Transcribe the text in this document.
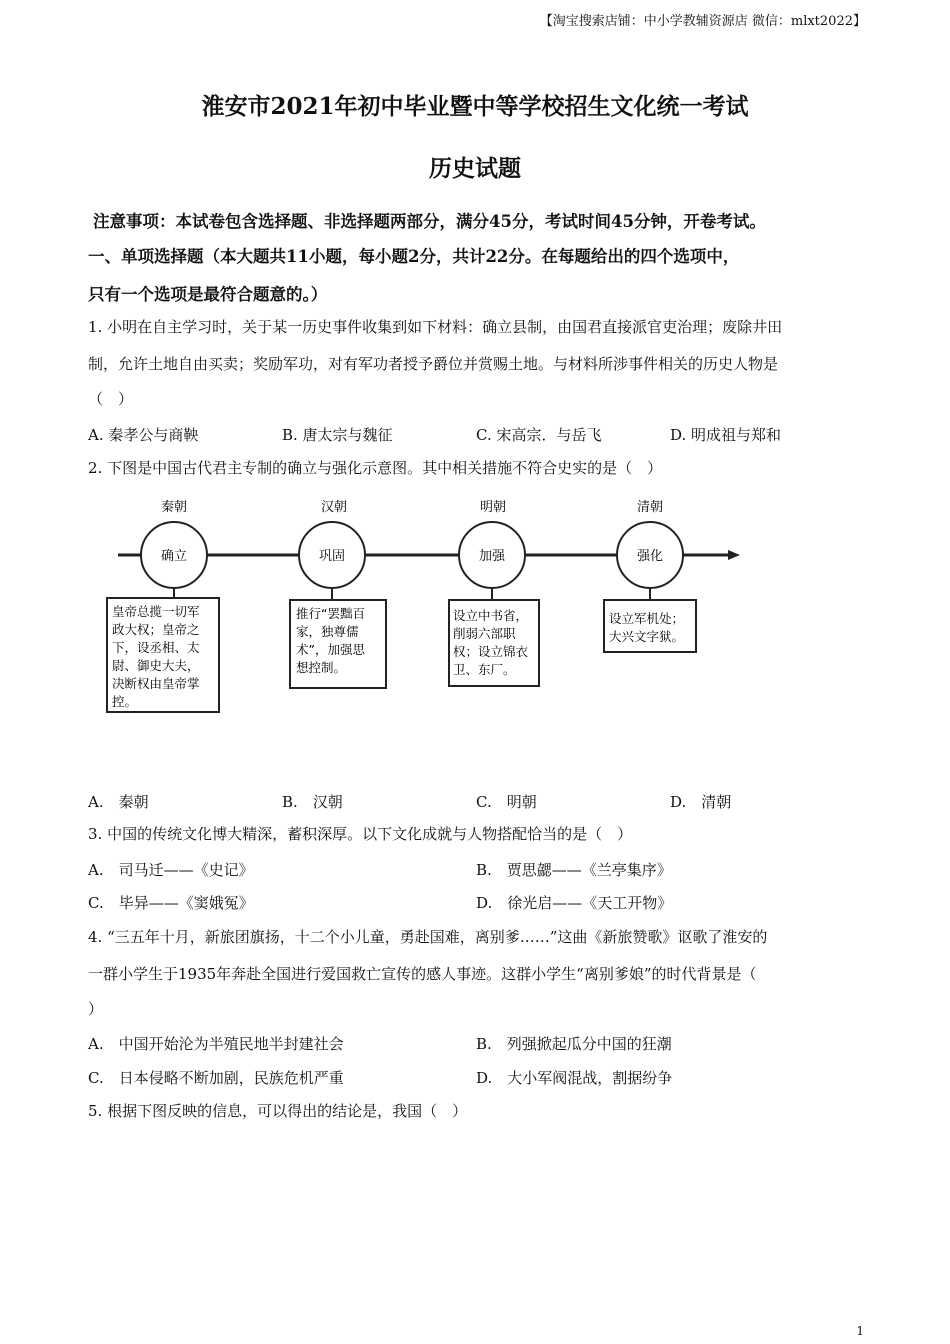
【淘宝搜索店铺：中小学教辅资源店 微信：mlxt2022】
淮安市2021年初中毕业暨中等学校招生文化统一考试
历史试题
注意事项：本试卷包含选择题、非选择题两部分，满分45分，考试时间45分钟，开卷考试。
一、单项选择题（本大题共11小题，每小题2分，共计22分。在每题给出的四个选项中，
只有一个选项是最符合题意的。）
1. 小明在自主学习时，关于某一历史事件收集到如下材料：确立县制，由国君直接派官吏治理；废除井田
制，允许土地自由买卖；奖励军功，对有军功者授予爵位并赏赐土地。与材料所涉事件相关的历史人物是
（　）
A. 秦孝公与商鞅	B. 唐太宗与魏征	C. 宋高宗．与岳飞	D. 明成祖与郑和
2. 下图是中国古代君主专制的确立与强化示意图。其中相关措施不符合史实的是（　）
秦朝	汉朝	明朝	清朝
确立	巩固	加强	强化
皇帝总揽一切军
政大权；皇帝之
下，设丞相、太
尉、御史大夫，
决断权由皇帝掌
控。
推行“罢黜百
家，独尊儒
术”，加强思
想控制。
设立中书省，
削弱六部职
权；设立锦衣
卫、东厂。
设立军机处；
大兴文字狱。
A.　秦朝	B.　汉朝	C.　明朝	D.　清朝
3. 中国的传统文化博大精深，蓄积深厚。以下文化成就与人物搭配恰当的是（　）
A.　司马迁——《史记》	B.　贾思勰——《兰亭集序》
C.　毕异——《窦娥冤》	D.　徐光启——《天工开物》
4. “三五年十月，新旅团旗扬，十二个小儿童，勇赴国难，离别爹……”这曲《新旅赞歌》讴歌了淮安的
一群小学生于1935年奔赴全国进行爱国救亡宣传的感人事迹。这群小学生“离别爹娘”的时代背景是（
）
A.　中国开始沦为半殖民地半封建社会	B.　列强掀起瓜分中国的狂潮
C.　日本侵略不断加剧，民族危机严重	D.　大小军阀混战，割据纷争
5. 根据下图反映的信息，可以得出的结论是，我国（　）
1
